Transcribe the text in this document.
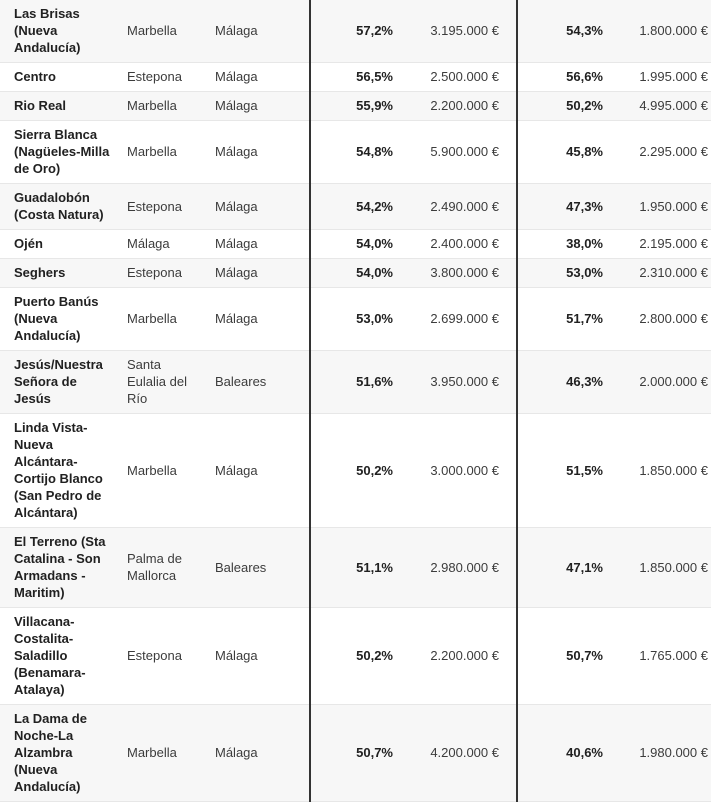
Las Brisas (Nueva Andalucía)	Marbella	Málaga	57,2%	3.195.000 €	54,3%	1.800.000 €
Centro	Estepona	Málaga	56,5%	2.500.000 €	56,6%	1.995.000 €
Rio Real	Marbella	Málaga	55,9%	2.200.000 €	50,2%	4.995.000 €
Sierra Blanca (Nagüeles-Milla de Oro)	Marbella	Málaga	54,8%	5.900.000 €	45,8%	2.295.000 €
Guadalobón (Costa Natura)	Estepona	Málaga	54,2%	2.490.000 €	47,3%	1.950.000 €
Ojén	Málaga	Málaga	54,0%	2.400.000 €	38,0%	2.195.000 €
Seghers	Estepona	Málaga	54,0%	3.800.000 €	53,0%	2.310.000 €
Puerto Banús (Nueva Andalucía)	Marbella	Málaga	53,0%	2.699.000 €	51,7%	2.800.000 €
Jesús/Nuestra Señora de Jesús	Santa Eulalia del Río	Baleares	51,6%	3.950.000 €	46,3%	2.000.000 €
Linda Vista-Nueva Alcántara-Cortijo Blanco (San Pedro de Alcántara)	Marbella	Málaga	50,2%	3.000.000 €	51,5%	1.850.000 €
El Terreno (Sta Catalina - Son Armadans - Maritim)	Palma de Mallorca	Baleares	51,1%	2.980.000 €	47,1%	1.850.000 €
Villacana-Costalita-Saladillo (Benamara-Atalaya)	Estepona	Málaga	50,2%	2.200.000 €	50,7%	1.765.000 €
La Dama de Noche-La Alzambra (Nueva Andalucía)	Marbella	Málaga	50,7%	4.200.000 €	40,6%	1.980.000 €
